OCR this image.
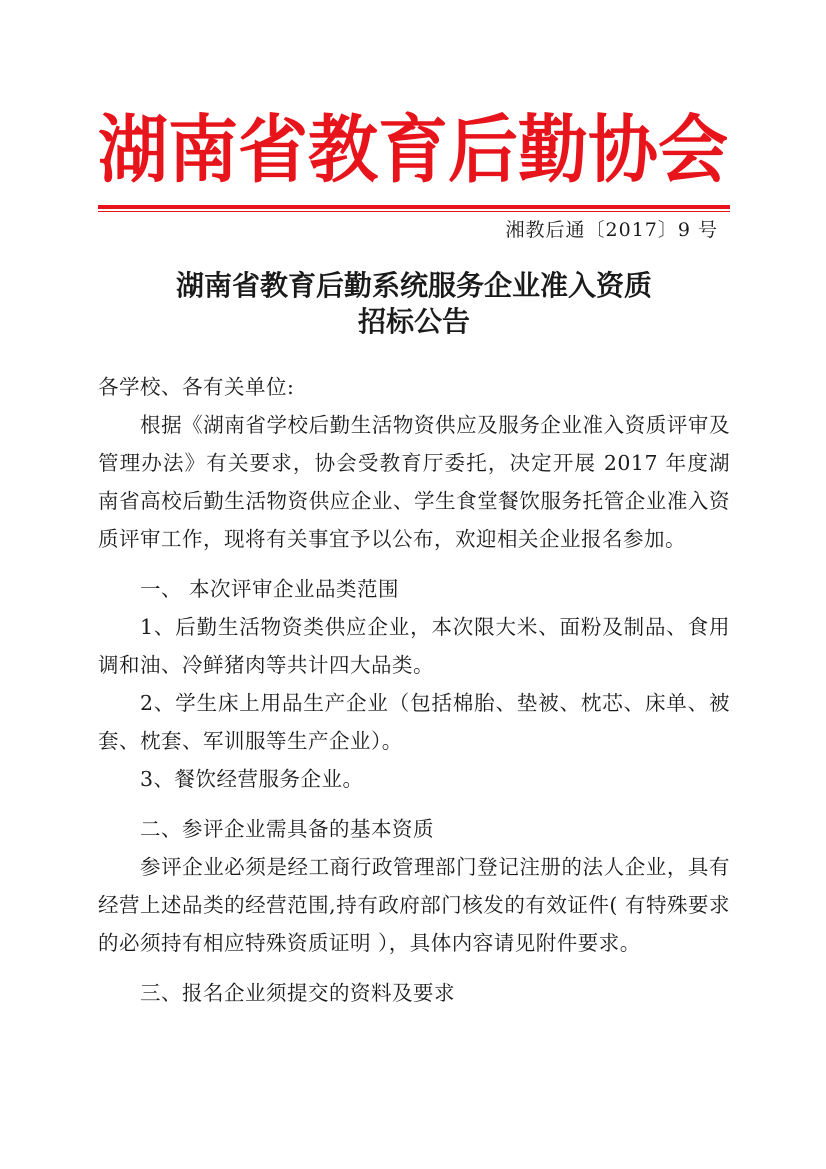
湖南省教育后勤协会
湘教后通〔2017〕9 号
湖南省教育后勤系统服务企业准入资质
招标公告

各学校、各有关单位:

根据《湖南省学校后勤生活物资供应及服务企业准入资质评审及管理办法》有关要求，协会受教育厅委托，决定开展 2017 年度湖南省高校后勤生活物资供应企业、学生食堂餐饮服务托管企业准入资质评审工作，现将有关事宜予以公布，欢迎相关企业报名参加。

一、 本次评审企业品类范围

1、后勤生活物资类供应企业，本次限大米、面粉及制品、食用调和油、冷鲜猪肉等共计四大品类。

2、学生床上用品生产企业（包括棉胎、垫被、枕芯、床单、被套、枕套、军训服等生产企业）。

3、餐饮经营服务企业。

二、参评企业需具备的基本资质

参评企业必须是经工商行政管理部门登记注册的法人企业，具有经营上述品类的经营范围,持有政府部门核发的有效证件( 有特殊要求的必须持有相应特殊资质证明 ），具体内容请见附件要求。

三、报名企业须提交的资料及要求
